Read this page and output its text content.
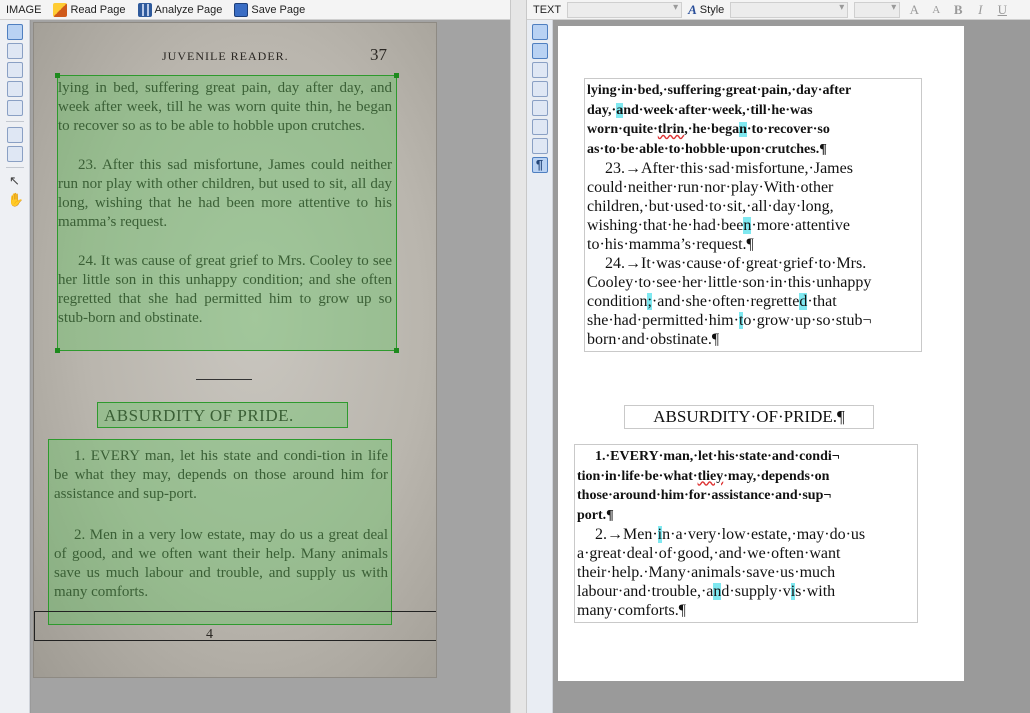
IMAGE	Read Page	Analyze Page	Save Page	TEXT ▾	A Style ▾ ▾	A	A	B	I	U
↖
✋
JUVENILE READER.	37
lying in bed, suffering great pain, day after day, and week after week, till he was worn quite thin, he began to recover so as to be able to hobble upon crutches.
23. After this sad misfortune, James could neither run nor play with other children, but used to sit, all day long, wishing that he had been more attentive to his mamma’s request.
24. It was cause of great grief to Mrs. Cooley to see her little son in this unhappy condition; and she often regretted that she had permitted him to grow up so stub-born and obstinate.
ABSURDITY OF PRIDE.
1. EVERY man, let his state and condi-tion in life be what they may, depends on those around him for assistance and sup-port.
2. Men in a very low estate, may do us a great deal of good, and we often want their help. Many animals save us much labour and trouble, and supply us with many comforts.
4
¶
lying·in·bed,·suffering·great·pain,·day·after
day,·and·week·after·week,·till·he·was
worn·quite·tlrin,·he·began·to·recover·so
as·to·be·able·to·hobble·upon·crutches.¶
23.→After·this·sad·misfortune,·James
could·neither·run·nor·play·With·other
children,·but·used·to·sit,·all·day·long,
wishing·that·he·had·been·more·attentive
to·his·mamma’s·request.¶
24.→It·was·cause·of·great·grief·to·Mrs.
Cooley·to·see·her·little·son·in·this·unhappy
condition;·and·she·often·regretted·that
she·had·permitted·him·to·grow·up·so·stub¬
born·and·obstinate.¶
ABSURDITY·OF·PRIDE.¶
1.·EVERY·man,·let·his·state·and·condi¬
tion·in·life·be·what·tliey·may,·depends·on
those·around·him·for·assistance·and·sup¬
port.¶
2.→Men·in·a·very·low·estate,·may·do·us
a·great·deal·of·good,·and·we·often·want
their·help.·Many·animals·save·us·much
labour·and·trouble,·and·supply·vis·with
many·comforts.¶
